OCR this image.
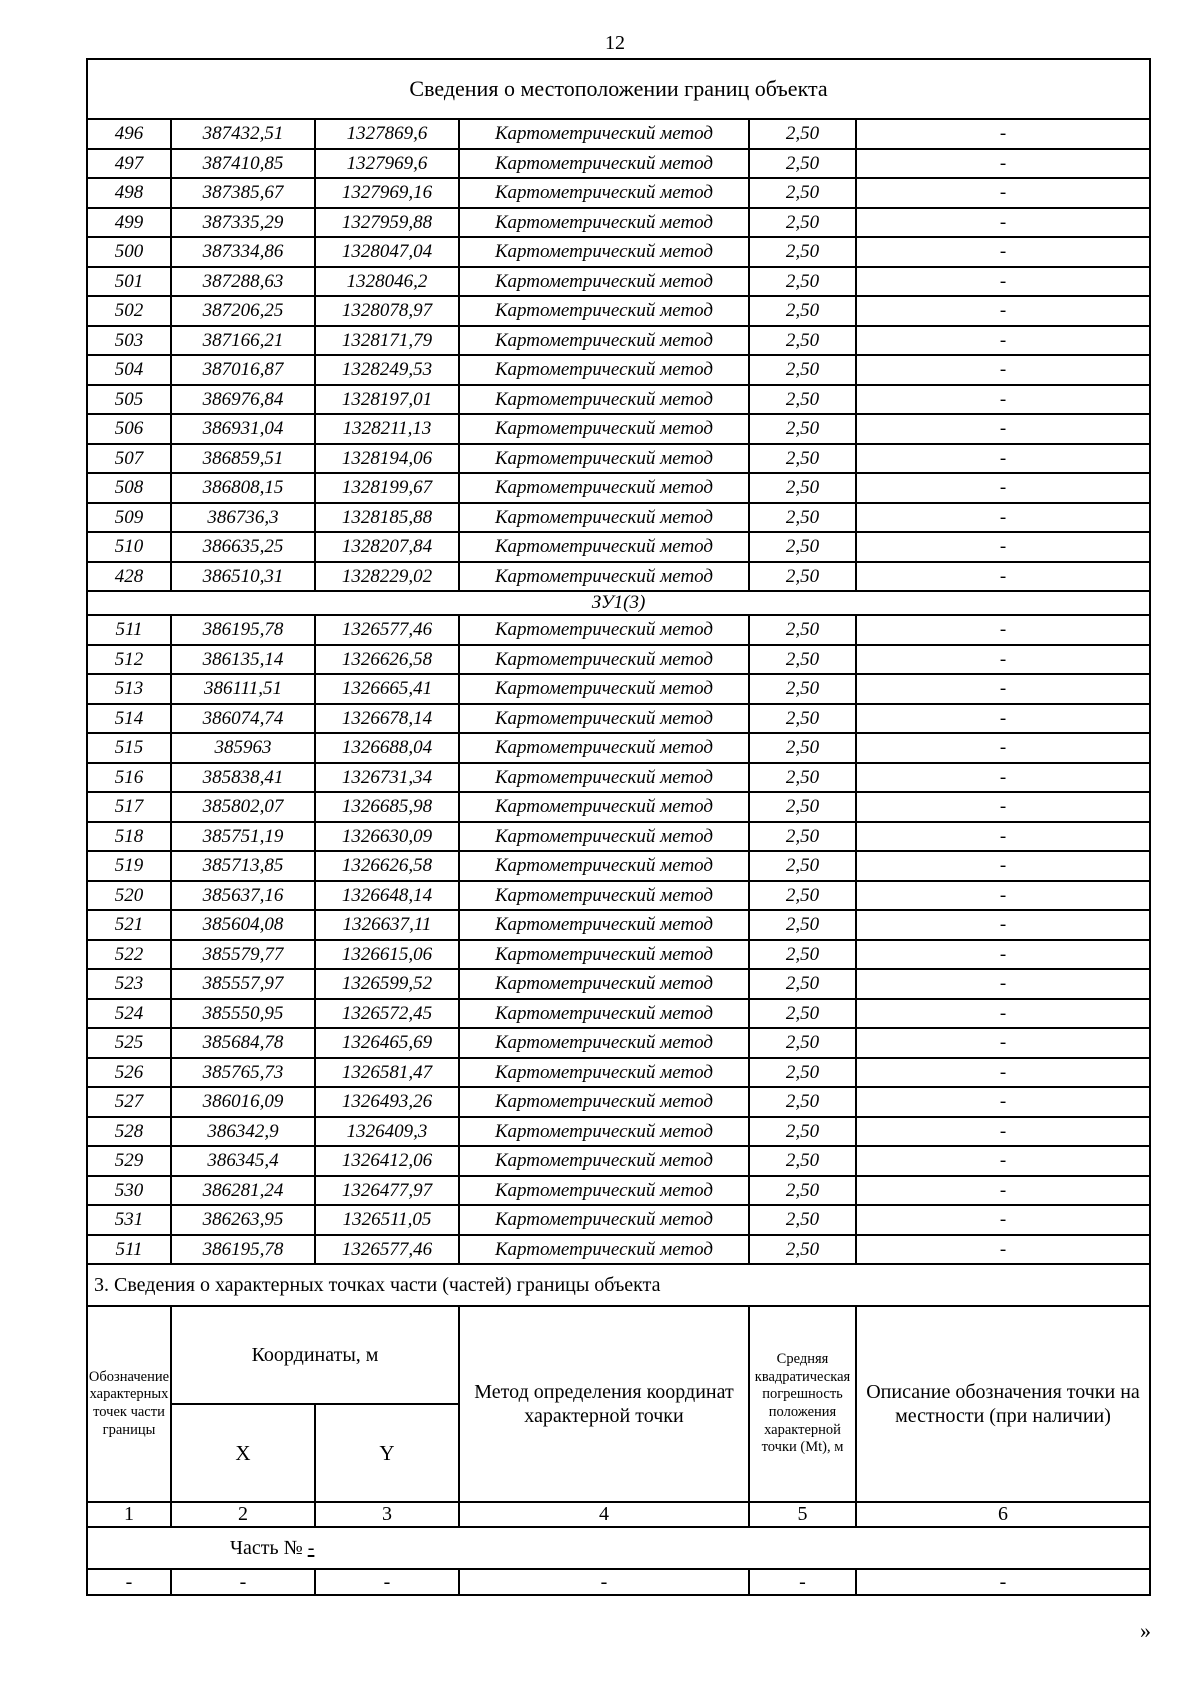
12
Сведения о местоположении границ объекта					
496	387432,51	1327869,6	Картометрический метод	2,50	-
497	387410,85	1327969,6	Картометрический метод	2,50	-
498	387385,67	1327969,16	Картометрический метод	2,50	-
499	387335,29	1327959,88	Картометрический метод	2,50	-
500	387334,86	1328047,04	Картометрический метод	2,50	-
501	387288,63	1328046,2	Картометрический метод	2,50	-
502	387206,25	1328078,97	Картометрический метод	2,50	-
503	387166,21	1328171,79	Картометрический метод	2,50	-
504	387016,87	1328249,53	Картометрический метод	2,50	-
505	386976,84	1328197,01	Картометрический метод	2,50	-
506	386931,04	1328211,13	Картометрический метод	2,50	-
507	386859,51	1328194,06	Картометрический метод	2,50	-
508	386808,15	1328199,67	Картометрический метод	2,50	-
509	386736,3	1328185,88	Картометрический метод	2,50	-
510	386635,25	1328207,84	Картометрический метод	2,50	-
428	386510,31	1328229,02	Картометрический метод	2,50	-
ЗУ1(3)					
511	386195,78	1326577,46	Картометрический метод	2,50	-
512	386135,14	1326626,58	Картометрический метод	2,50	-
513	386111,51	1326665,41	Картометрический метод	2,50	-
514	386074,74	1326678,14	Картометрический метод	2,50	-
515	385963	1326688,04	Картометрический метод	2,50	-
516	385838,41	1326731,34	Картометрический метод	2,50	-
517	385802,07	1326685,98	Картометрический метод	2,50	-
518	385751,19	1326630,09	Картометрический метод	2,50	-
519	385713,85	1326626,58	Картометрический метод	2,50	-
520	385637,16	1326648,14	Картометрический метод	2,50	-
521	385604,08	1326637,11	Картометрический метод	2,50	-
522	385579,77	1326615,06	Картометрический метод	2,50	-
523	385557,97	1326599,52	Картометрический метод	2,50	-
524	385550,95	1326572,45	Картометрический метод	2,50	-
525	385684,78	1326465,69	Картометрический метод	2,50	-
526	385765,73	1326581,47	Картометрический метод	2,50	-
527	386016,09	1326493,26	Картометрический метод	2,50	-
528	386342,9	1326409,3	Картометрический метод	2,50	-
529	386345,4	1326412,06	Картометрический метод	2,50	-
530	386281,24	1326477,97	Картометрический метод	2,50	-
531	386263,95	1326511,05	Картометрический метод	2,50	-
511	386195,78	1326577,46	Картометрический метод	2,50	-
3. Сведения о характерных точках части (частей) границы объекта					
Обозначение характерных точек части границы	Координаты, м		Метод определения координат характерной точки	Средняя квадратическая погрешность положения характерной точки (Mt), м	Описание обозначения точки на местности (при наличии)
	X	Y			
1	2	3	4	5	6
Часть № -					
-	-	-	-	-	-
»
